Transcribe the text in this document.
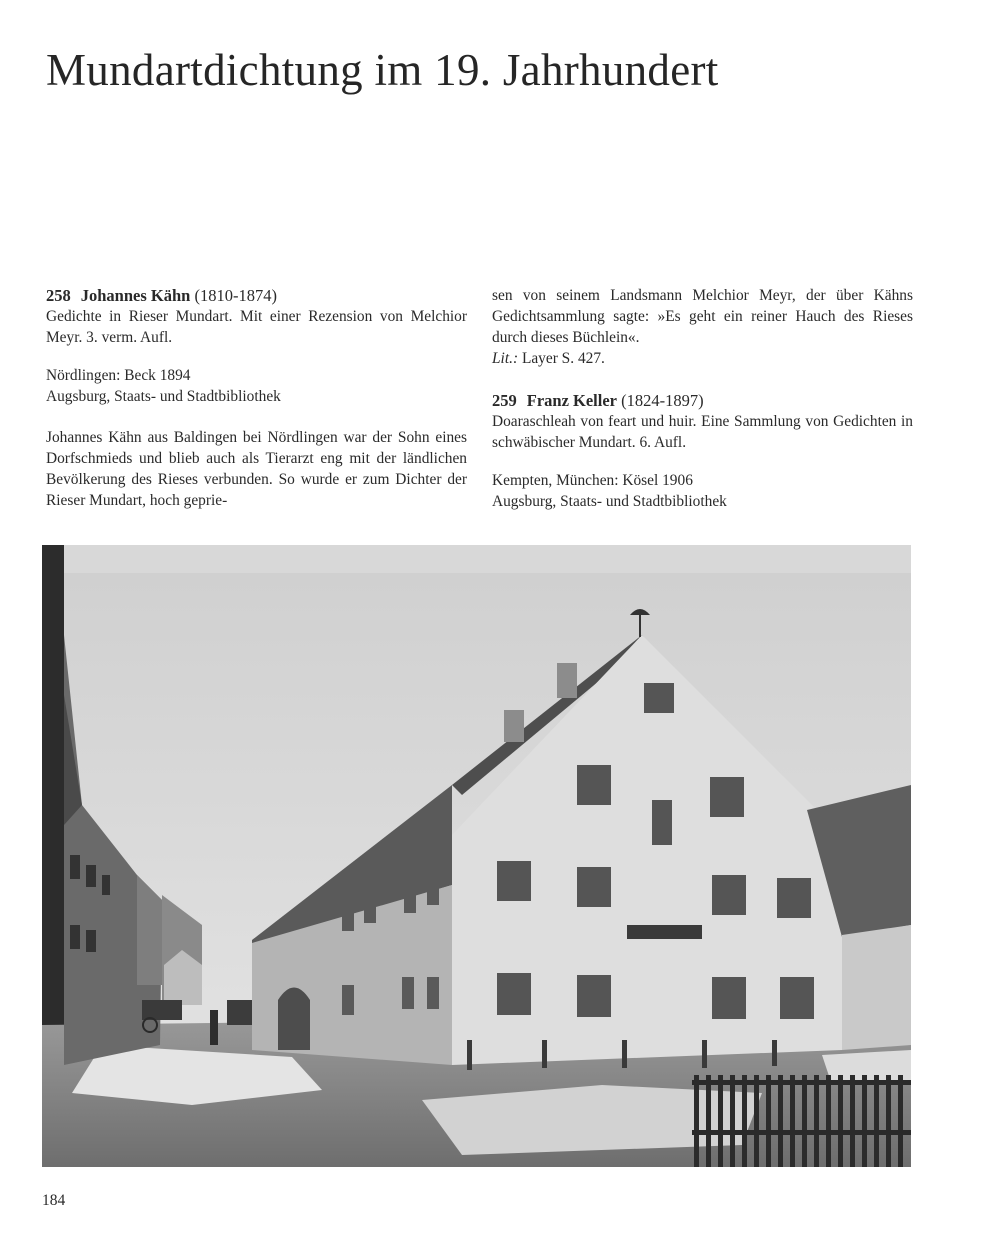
Mundartdichtung im 19. Jahrhundert

258 Johannes Kähn (1810-1874)

Gedichte in Rieser Mundart. Mit einer Rezension von Melchior Meyr. 3. verm. Aufl.

Nördlingen: Beck 1894

Augsburg, Staats- und Stadtbibliothek

Johannes Kähn aus Baldingen bei Nördlingen war der Sohn eines Dorfschmieds und blieb auch als Tierarzt eng mit der ländlichen Bevölkerung des Rieses verbunden. So wurde er zum Dichter der Rieser Mundart, hoch geprie-

sen von seinem Landsmann Melchior Meyr, der über Kähns Gedichtsammlung sagte: »Es geht ein reiner Hauch des Rieses durch dieses Büchlein«.

Lit.: Layer S. 427.

259 Franz Keller (1824-1897)

Doaraschleah von feart und huir. Eine Sammlung von Gedichten in schwäbischer Mundart. 6. Aufl.

Kempten, München: Kösel 1906

Augsburg, Staats- und Stadtbibliothek

184
